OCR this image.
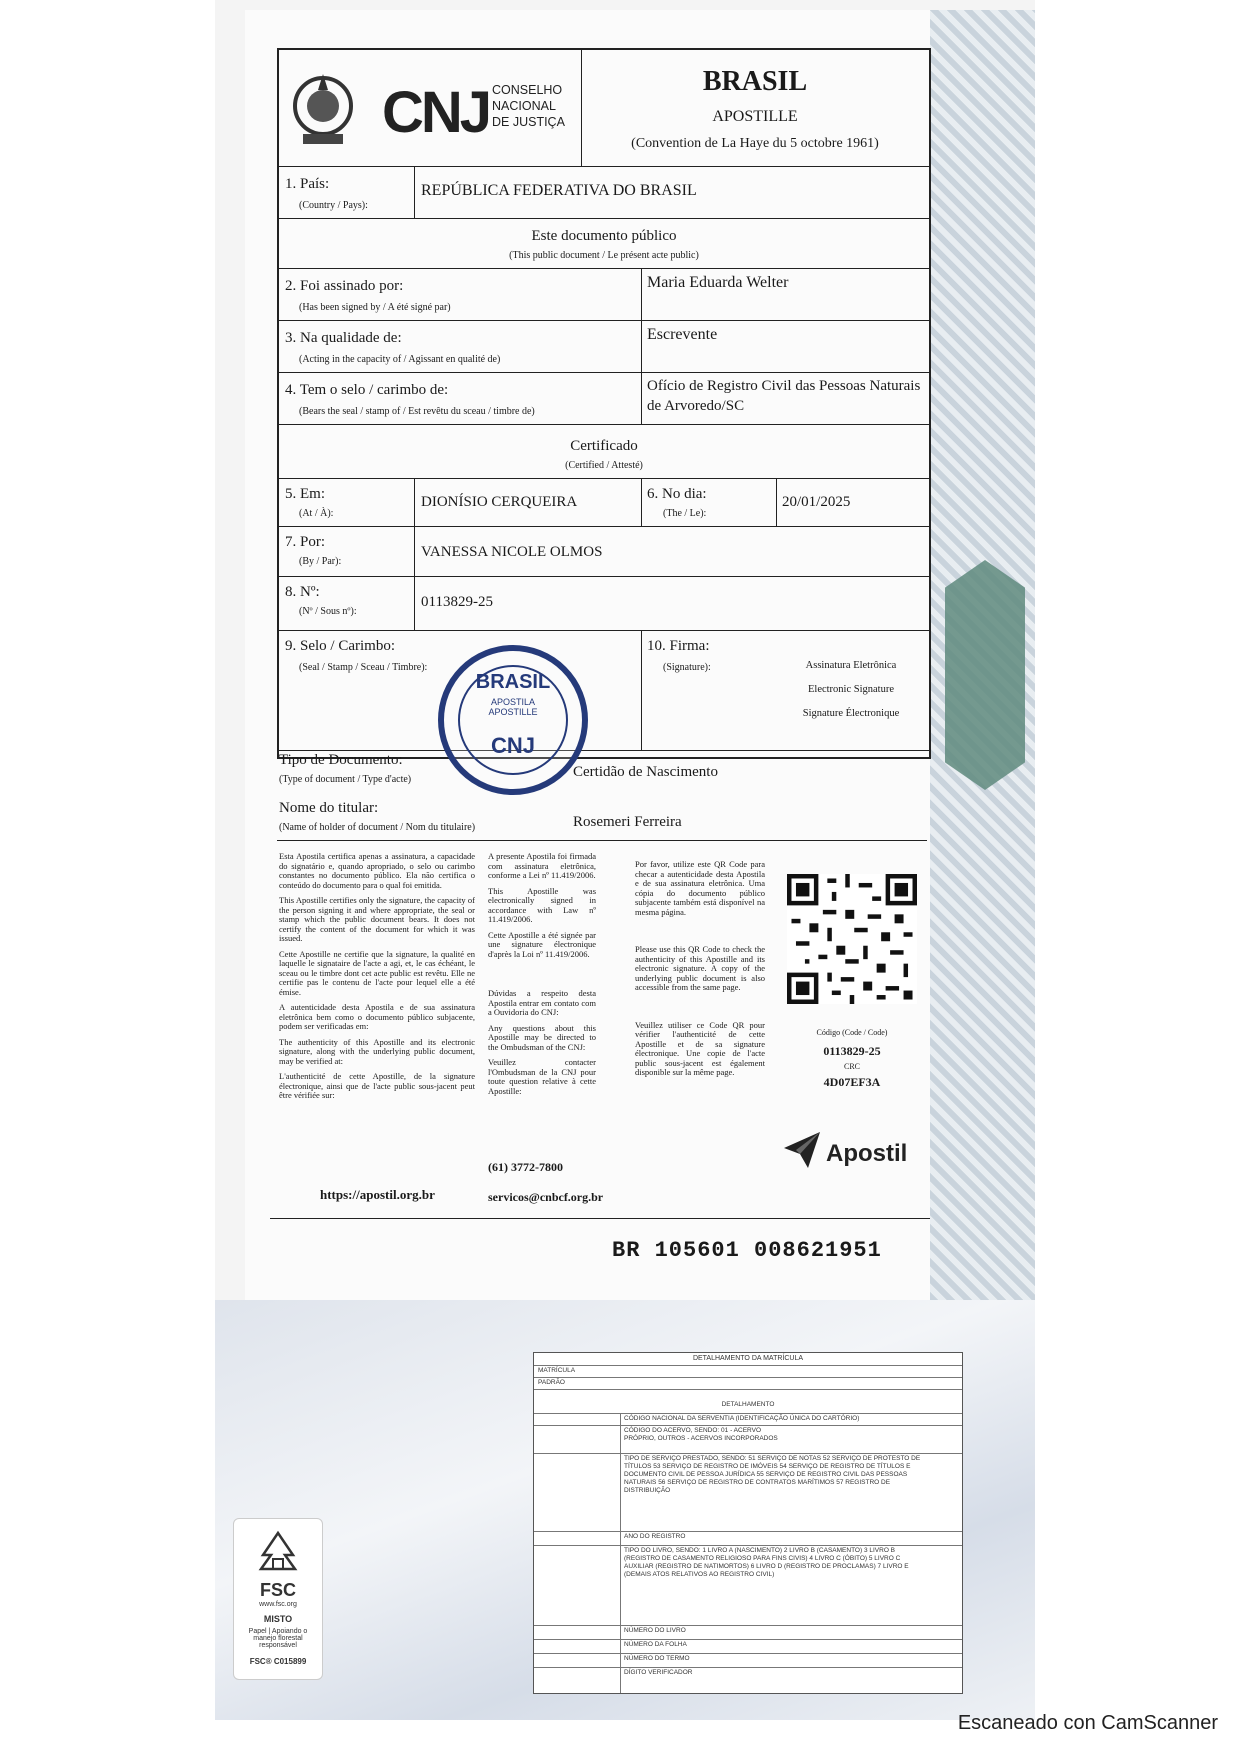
CNJ CONSELHO
NACIONAL
DE JUSTIÇA
BRASIL
APOSTILLE
(Convention de La Haye du 5 octobre 1961)
1. País:
(Country / Pays):
REPÚBLICA FEDERATIVA DO BRASIL
Este documento público
(This public document / Le présent acte public)
2. Foi assinado por:
(Has been signed by / A été signé par)
Maria Eduarda Welter
3. Na qualidade de:
(Acting in the capacity of / Agissant en qualité de)
Escrevente
4. Tem o selo / carimbo de:
(Bears the seal / stamp of / Est revêtu du sceau / timbre de)
Ofício de Registro Civil das Pessoas Naturais
de Arvoredo/SC
Certificado
(Certified / Attesté)
5. Em:
(At / À):
DIONÍSIO CERQUEIRA	6. No dia:
(The / Le):
20/01/2025
7. Por:
(By / Par):
VANESSA NICOLE OLMOS
8. Nº:
(Nº / Sous nº):
0113829-25
9. Selo / Carimbo:
(Seal / Stamp / Sceau / Timbre):
10. Firma:
(Signature):	Assinatura Eletrônica
Electronic Signature
Signature Électronique
Tipo de Documento:
(Type of document / Type d'acte)	Certidão de Nascimento
Nome do titular:
(Name of holder of document / Nom du titulaire)	Rosemeri Ferreira
BRASIL
APOSTILA
APOSTILLE
CNJ

Esta Apostila certifica apenas a assinatura, a capacidade do signatário e, quando apropriado, o selo ou carimbo constantes no documento público. Ela não certifica o conteúdo do documento para o qual foi emitida.

This Apostille certifies only the signature, the capacity of the person signing it and where appropriate, the seal or stamp which the public document bears. It does not certify the content of the document for which it was issued.

Cette Apostille ne certifie que la signature, la qualité en laquelle le signataire de l'acte a agi, et, le cas échéant, le sceau ou le timbre dont cet acte public est revêtu. Elle ne certifie pas le contenu de l'acte pour lequel elle a été émise.

A autenticidade desta Apostila e de sua assinatura eletrônica bem como o documento público subjacente, podem ser verificadas em:

The authenticity of this Apostille and its electronic signature, along with the underlying public document, may be verified at:

L'authenticité de cette Apostille, de la signature électronique, ainsi que de l'acte public sous-jacent peut être vérifiée sur:

https://apostil.org.br

A presente Apostila foi firmada com assinatura eletrônica, conforme a Lei nº 11.419/2006.

This Apostille was electronically signed in accordance with Law nº 11.419/2006.

Cette Apostille a été signée par une signature électronique d'après la Loi nº 11.419/2006.

Dúvidas a respeito desta Apostila entrar em contato com a Ouvidoria do CNJ:

Any questions about this Apostille may be directed to the Ombudsman of the CNJ:

Veuillez contacter l'Ombudsman de la CNJ pour toute question relative à cette Apostille:

(61) 3772-7800
servicos@cnbcf.org.br

Por favor, utilize este QR Code para checar a autenticidade desta Apostila e de sua assinatura eletrônica. Uma cópia do documento público subjacente também está disponível na mesma página.

Please use this QR Code to check the authenticity of this Apostille and its electronic signature. A copy of the underlying public document is also accessible from the same page.

Veuillez utiliser ce Code QR pour vérifier l'authenticité de cette Apostille et de sa signature électronique. Une copie de l'acte public sous-jacent est également disponible sur la même page.

Código (Code / Code)
0113829-25
CRC
4D07EF3A
Apostil
BR 105601 008621951
DETALHAMENTO DA MATRÍCULA
MATRÍCULA
PADRÃO
DETALHAMENTO
CÓDIGO NACIONAL DA SERVENTIA (IDENTIFICAÇÃO ÚNICA DO CARTÓRIO)
CÓDIGO DO ACERVO, SENDO: 01 - ACERVO PRÓPRIO, OUTROS - ACERVOS INCORPORADOS
TIPO DE SERVIÇO PRESTADO, SENDO: 51 SERVIÇO DE NOTAS 52 SERVIÇO DE PROTESTO DE TÍTULOS 53 SERVIÇO DE REGISTRO DE IMÓVEIS 54 SERVIÇO DE REGISTRO DE TÍTULOS E DOCUMENTO CIVIL DE PESSOA JURÍDICA 55 SERVIÇO DE REGISTRO CIVIL DAS PESSOAS NATURAIS 56 SERVIÇO DE REGISTRO DE CONTRATOS MARÍTIMOS 57 REGISTRO DE DISTRIBUIÇÃO
ANO DO REGISTRO
TIPO DO LIVRO, SENDO: 1 LIVRO A (NASCIMENTO) 2 LIVRO B (CASAMENTO) 3 LIVRO B (REGISTRO DE CASAMENTO RELIGIOSO PARA FINS CIVIS) 4 LIVRO C (ÓBITO) 5 LIVRO C AUXILIAR (REGISTRO DE NATIMORTOS) 6 LIVRO D (REGISTRO DE PROCLAMAS) 7 LIVRO E (DEMAIS ATOS RELATIVOS AO REGISTRO CIVIL)
NÚMERO DO LIVRO
NÚMERO DA FOLHA
NÚMERO DO TERMO
DÍGITO VERIFICADOR
FSC
www.fsc.org
MISTO
Papel | Apoiando o manejo florestal responsável
FSC® C015899
Escaneado con CamScanner
